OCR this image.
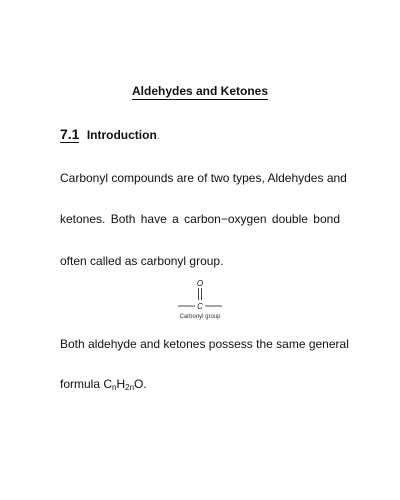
Aldehydes and Ketones
7.1 Introduction.
Carbonyl compounds are of two types, Aldehydes and
ketones. Both have a carbon−oxygen double bond
often called as carbonyl group.
O
C
Carbonyl group
Both aldehyde and ketones possess the same general
formula $C_nH_{2n}O$.
